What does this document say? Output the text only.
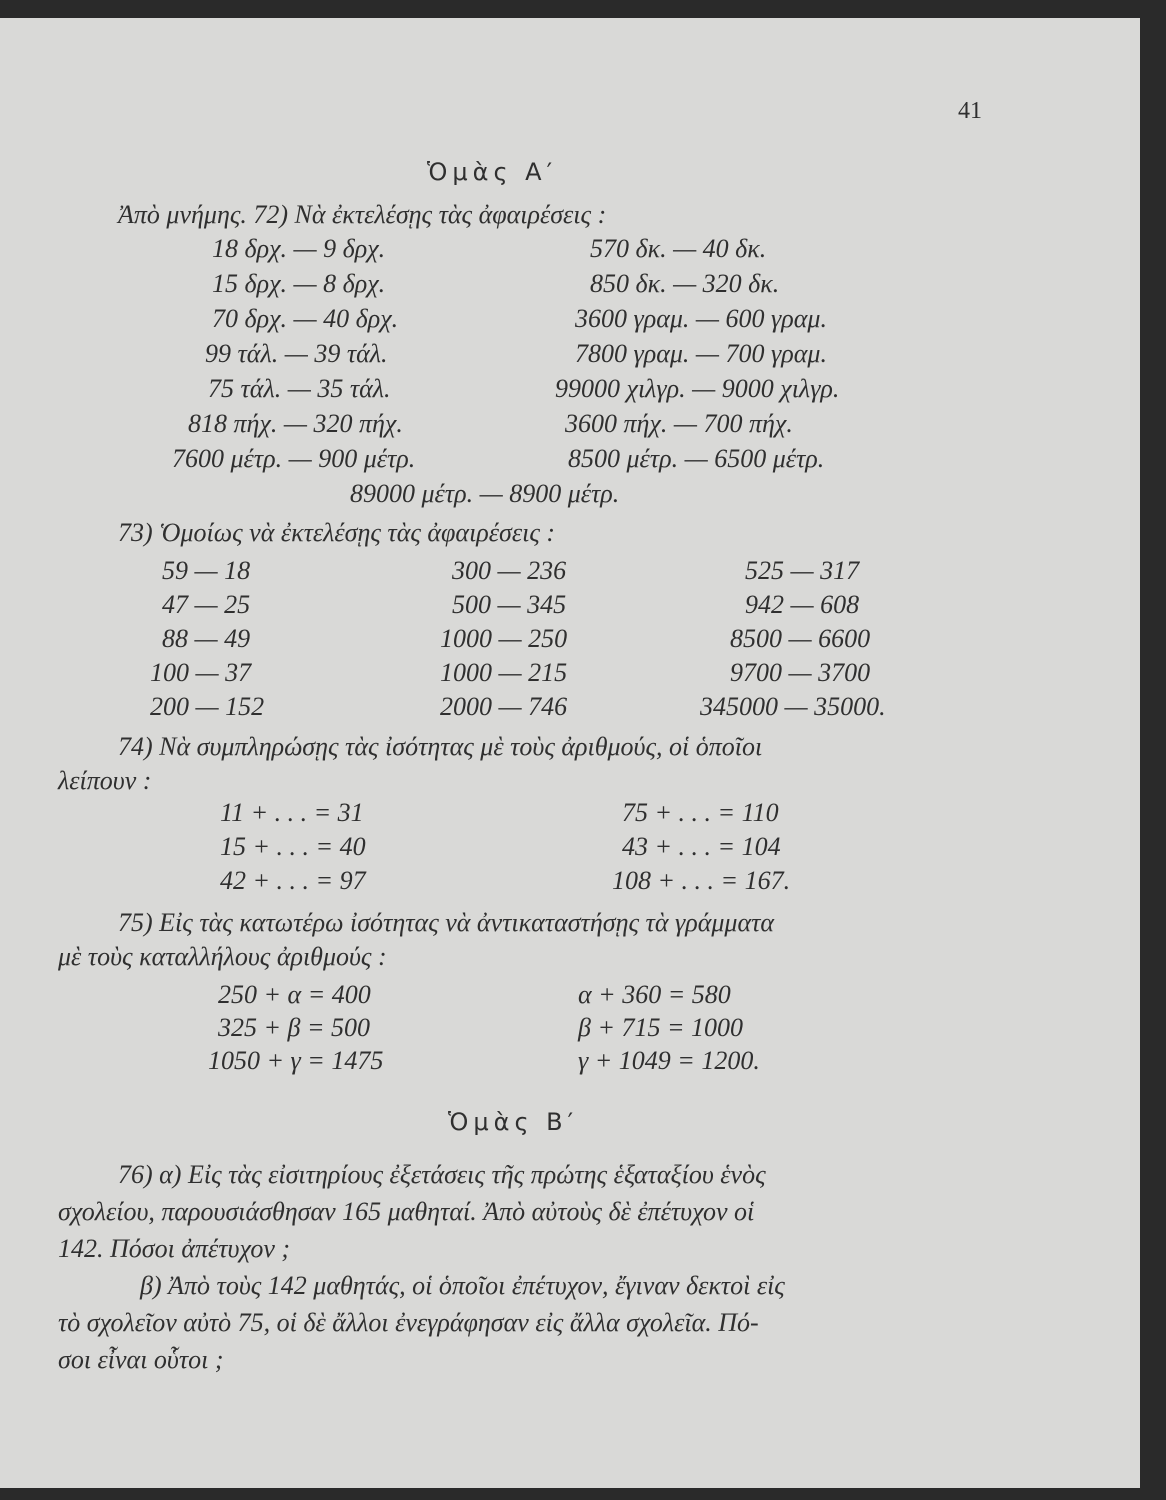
41
Ὁμὰς Α′
Ἀπὸ μνήμης. 72) Νὰ ἐκτελέσῃς τὰς ἀφαιρέσεις :
18 δρχ. — 9 δρχ.	570 δκ. — 40 δκ.
15 δρχ. — 8 δρχ.	850 δκ. — 320 δκ.
70 δρχ. — 40 δρχ.	3600 γραμ. — 600 γραμ.
99 τάλ. — 39 τάλ.	7800 γραμ. — 700 γραμ.
75 τάλ. — 35 τάλ.	99000 χιλγρ. — 9000 χιλγρ.
818 πήχ. — 320 πήχ.	3600 πήχ. — 700 πήχ.
7600 μέτρ. — 900 μέτρ.	8500 μέτρ. — 6500 μέτρ.
89000 μέτρ. — 8900 μέτρ.
73) Ὁμοίως νὰ ἐκτελέσῃς τὰς ἀφαιρέσεις :
59 — 18	300 — 236	525 — 317
47 — 25	500 — 345	942 — 608
88 — 49	1000 — 250	8500 — 6600
100 — 37	1000 — 215	9700 — 3700
200 — 152	2000 — 746	345000 — 35000.
74) Νὰ συμπληρώσῃς τὰς ἰσότητας μὲ τοὺς ἀριθμούς, οἱ ὁποῖοι
λείπουν :
11 + . . . = 31	75 + . . . = 110
15 + . . . = 40	43 + . . . = 104
42 + . . . = 97	108 + . . . = 167.
75) Εἰς τὰς κατωτέρω ἰσότητας νὰ ἀντικαταστήσῃς τὰ γράμματα
μὲ τοὺς καταλλήλους ἀριθμούς :
250 + α = 400	α + 360 = 580
325 + β = 500	β + 715 = 1000
1050 + γ = 1475	γ + 1049 = 1200.
Ὁμὰς Β′
76) α) Εἰς τὰς εἰσιτηρίους ἐξετάσεις τῆς πρώτης ἑξαταξίου ἑνὸς
σχολείου, παρουσιάσθησαν 165 μαθηταί. Ἀπὸ αὐτοὺς δὲ ἐπέτυχον οἱ
142. Πόσοι ἀπέτυχον ;
β) Ἀπὸ τοὺς 142 μαθητάς, οἱ ὁποῖοι ἐπέτυχον, ἔγιναν δεκτοὶ εἰς
τὸ σχολεῖον αὐτὸ 75, οἱ δὲ ἄλλοι ἐνεγράφησαν εἰς ἄλλα σχολεῖα. Πό-
σοι εἶναι οὗτοι ;
